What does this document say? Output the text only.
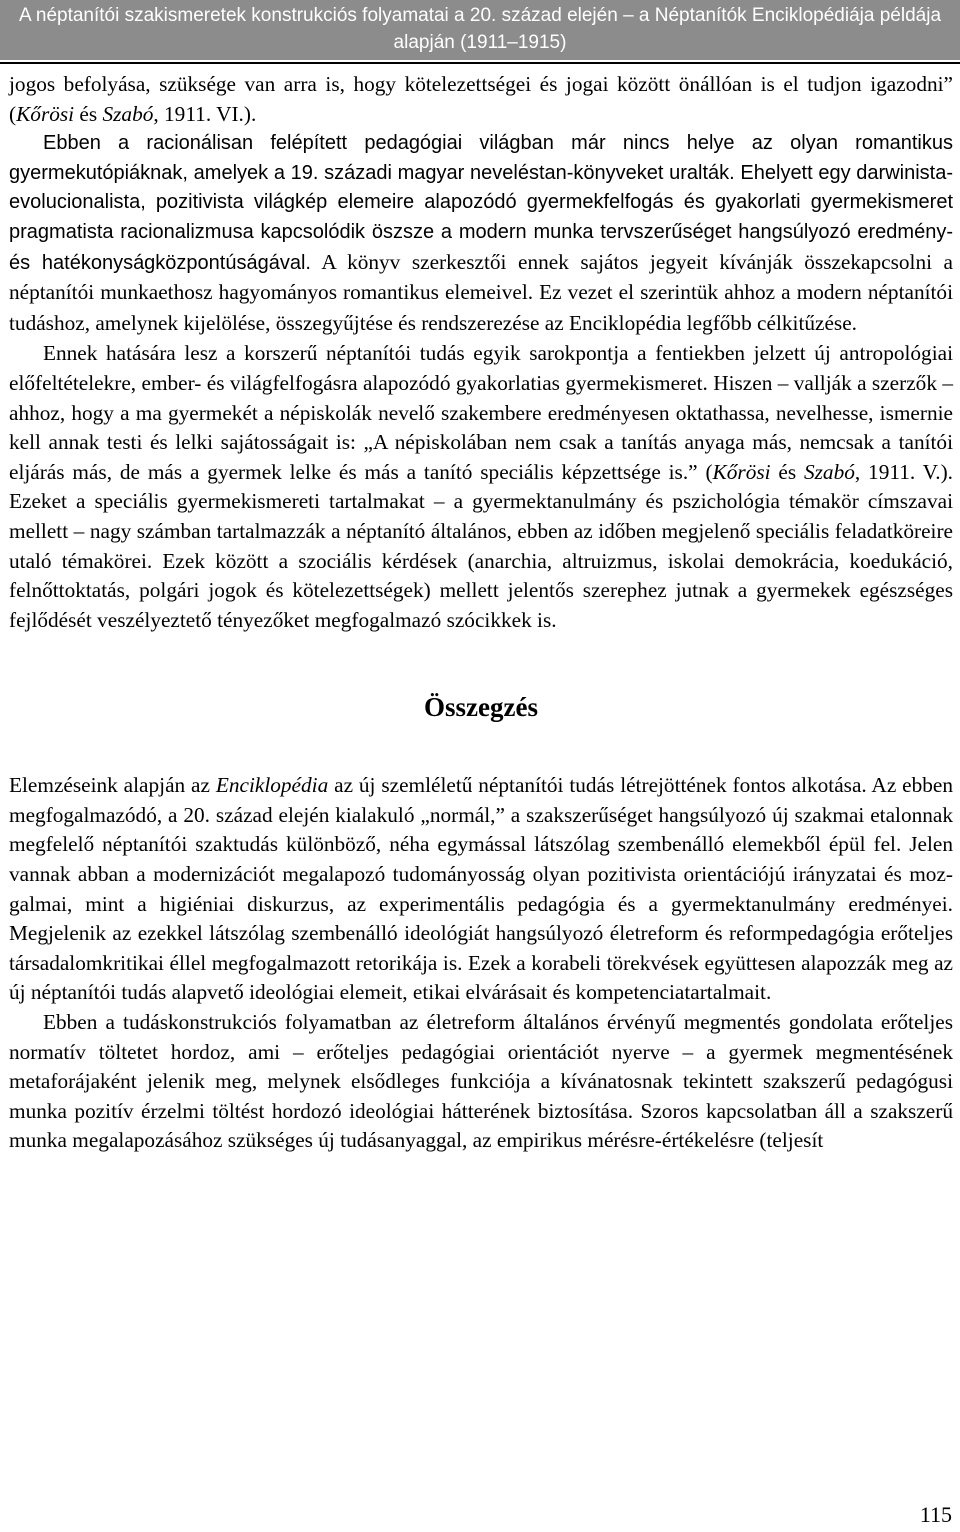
A néptanítói szakismeretek konstrukciós folyamatai a 20. század elején – a Néptanítók Enciklopédiája példája
alapján (1911–1915)

jogos befolyása, szüksége van arra is, hogy kötelezettségei és jogai között önállóan is el tudjon igazodni” (Kőrösi és Szabó, 1911. VI.).

Ebben a racionálisan felépített pedagógiai világban már nincs helye az olyan romantikus gyermekutópiáknak, amelyek a 19. századi magyar neveléstan-könyveket uralták. Ehelyett egy darwinista-evolucionalista, pozitivista világkép elemeire alapozódó gyermekfelfogás és gyakorlati gyermekismeret pragmatista racionalizmusa kapcsolódik öszsze a modern munka tervszerűséget hangsúlyozó eredmény- és hatékonyságközpontúságával. A könyv szerkesztői ennek sajátos jegyeit kívánják összekapcsolni a néptanítói munkaethosz hagyományos romantikus elemeivel. Ez vezet el szerintük ahhoz a modern néptanítói tudáshoz, amelynek kijelölése, összegyűjtése és rendszerezése az Enciklopédia legfőbb célkitűzése.

Ennek hatására lesz a korszerű néptanítói tudás egyik sarokpontja a fentiekben jelzett új antropológiai előfeltételekre, ember- és világfelfogásra alapozódó gyakorlatias gyermekismeret. Hiszen – vallják a szerzők – ahhoz, hogy a ma gyermekét a népiskolák nevelő szakembere eredményesen oktathassa, nevelhesse, ismernie kell annak testi és lelki sajátosságait is: „A népiskolában nem csak a tanítás anyaga más, nemcsak a tanítói eljárás más, de más a gyermek lelke és más a tanító speciális képzettsége is.” (Kőrösi és Szabó, 1911. V.). Ezeket a speciális gyermekismereti tartalmakat – a gyermektanulmány és pszichológia témakör címszavai mellett – nagy számban tartalmazzák a néptanító általános, ebben az időben megjelenő speciális feladatköreire utaló témakörei. Ezek között a szociális kérdések (anarchia, altruizmus, iskolai demokrácia, koedukáció, felnőttoktatás, polgári jogok és kötelezettségek) mellett jelentős szerephez jutnak a gyermekek egészséges fejlődését veszélyeztető tényezőket megfogalmazó szócikkek is.

Összegzés

Elemzéseink alapján az Enciklopédia az új szemléletű néptanítói tudás létrejöttének fontos alkotása. Az ebben megfogalmazódó, a 20. század elején kialakuló „normál,” a szakszerűséget hangsúlyozó új szakmai etalonnak megfelelő néptanítói szaktudás különböző, néha egymással látszólag szembenálló elemekből épül fel. Jelen vannak abban a modernizációt megalapozó tudományosság olyan pozitivista orientációjú irányzatai és mozgalmai, mint a higiéniai diskurzus, az experimentális pedagógia és a gyermektanulmány eredményei. Megjelenik az ezekkel látszólag szembenálló ideológiát hangsúlyozó életreform és reformpedagógia erőteljes társadalomkritikai éllel megfogalmazott retorikája is. Ezek a korabeli törekvések együttesen alapozzák meg az új néptanítói tudás alapvető ideológiai elemeit, etikai elvárásait és kompetenciatartalmait.

Ebben a tudáskonstrukciós folyamatban az életreform általános érvényű megmentés gondolata erőteljes normatív töltetet hordoz, ami – erőteljes pedagógiai orientációt nyerve – a gyermek megmentésének metaforájaként jelenik meg, melynek elsődleges funkciója a kívánatosnak tekintett szakszerű pedagógusi munka pozitív érzelmi töltést hordozó ideológiai hátterének biztosítása. Szoros kapcsolatban áll a szakszerű munka megalapozásához szükséges új tudásanyaggal, az empirikus mérésre-értékelésre (teljesít

115
